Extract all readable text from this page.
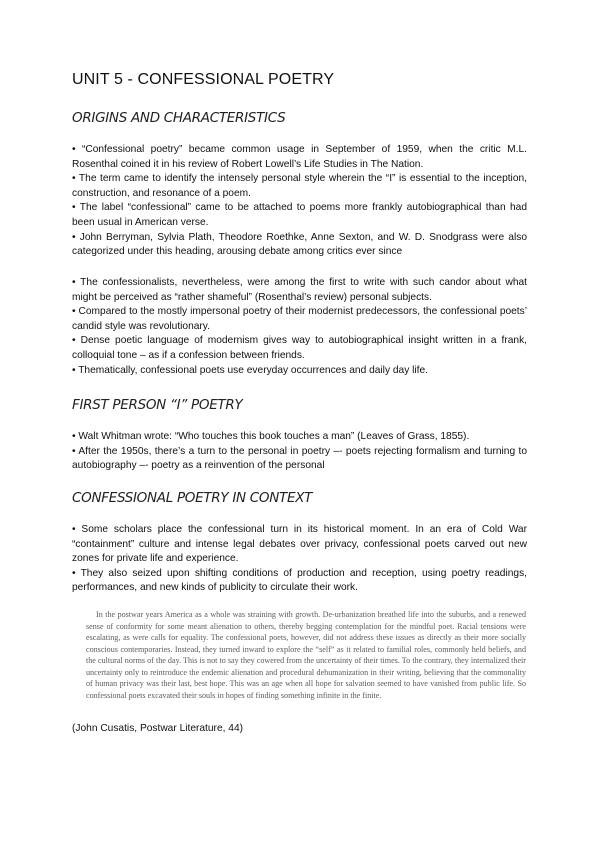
UNIT 5 - CONFESSIONAL POETRY
ORIGINS AND CHARACTERISTICS

• “Confessional poetry” became common usage in September of 1959, when the critic M.L. Rosenthal coined it in his review of Robert Lowell’s Life Studies in The Nation.

• The term came to identify the intensely personal style wherein the “I” is essential to the inception, construction, and resonance of a poem.

• The label “confessional” came to be attached to poems more frankly autobiographical than had been usual in American verse.

• John Berryman, Sylvia Plath, Theodore Roethke, Anne Sexton, and W. D. Snodgrass were also categorized under this heading, arousing debate among critics ever since

• The confessionalists, nevertheless, were among the first to write with such candor about what might be perceived as “rather shameful” (Rosenthal’s review) personal subjects.

• Compared to the mostly impersonal poetry of their modernist predecessors, the confessional poets’ candid style was revolutionary.

• Dense poetic language of modernism gives way to autobiographical insight written in a frank, colloquial tone – as if a confession between friends.

• Thematically, confessional poets use everyday occurrences and daily day life.

FIRST PERSON “I” POETRY

• Walt Whitman wrote: “Who touches this book touches a man” (Leaves of Grass, 1855).

• After the 1950s, there’s a turn to the personal in poetry –- poets rejecting formalism and turning to autobiography –- poetry as a reinvention of the personal

CONFESSIONAL POETRY IN CONTEXT

• Some scholars place the confessional turn in its historical moment. In an era of Cold War “containment” culture and intense legal debates over privacy, confessional poets carved out new zones for private life and experience.

• They also seized upon shifting conditions of production and reception, using poetry readings, performances, and new kinds of publicity to circulate their work.

In the postwar years America as a whole was straining with growth. De-urbanization breathed life into the suburbs, and a renewed sense of conformity for some meant alienation to others, thereby begging contemplation for the mindful poet. Racial tensions were escalating, as were calls for equality. The confessional poets, however, did not address these issues as directly as their more socially conscious contemporaries. Instead, they turned inward to explore the “self” as it related to familial roles, commonly held beliefs, and the cultural norms of the day. This is not to say they cowered from the uncertainty of their times. To the contrary, they internalized their uncertainty only to reintroduce the endemic alienation and procedural dehumanization in their writing, believing that the commonality of human privacy was their last, best hope. This was an age when all hope for salvation seemed to have vanished from public life. So confessional poets excavated their souls in hopes of finding something infinite in the finite.

(John Cusatis, Postwar Literature, 44)
